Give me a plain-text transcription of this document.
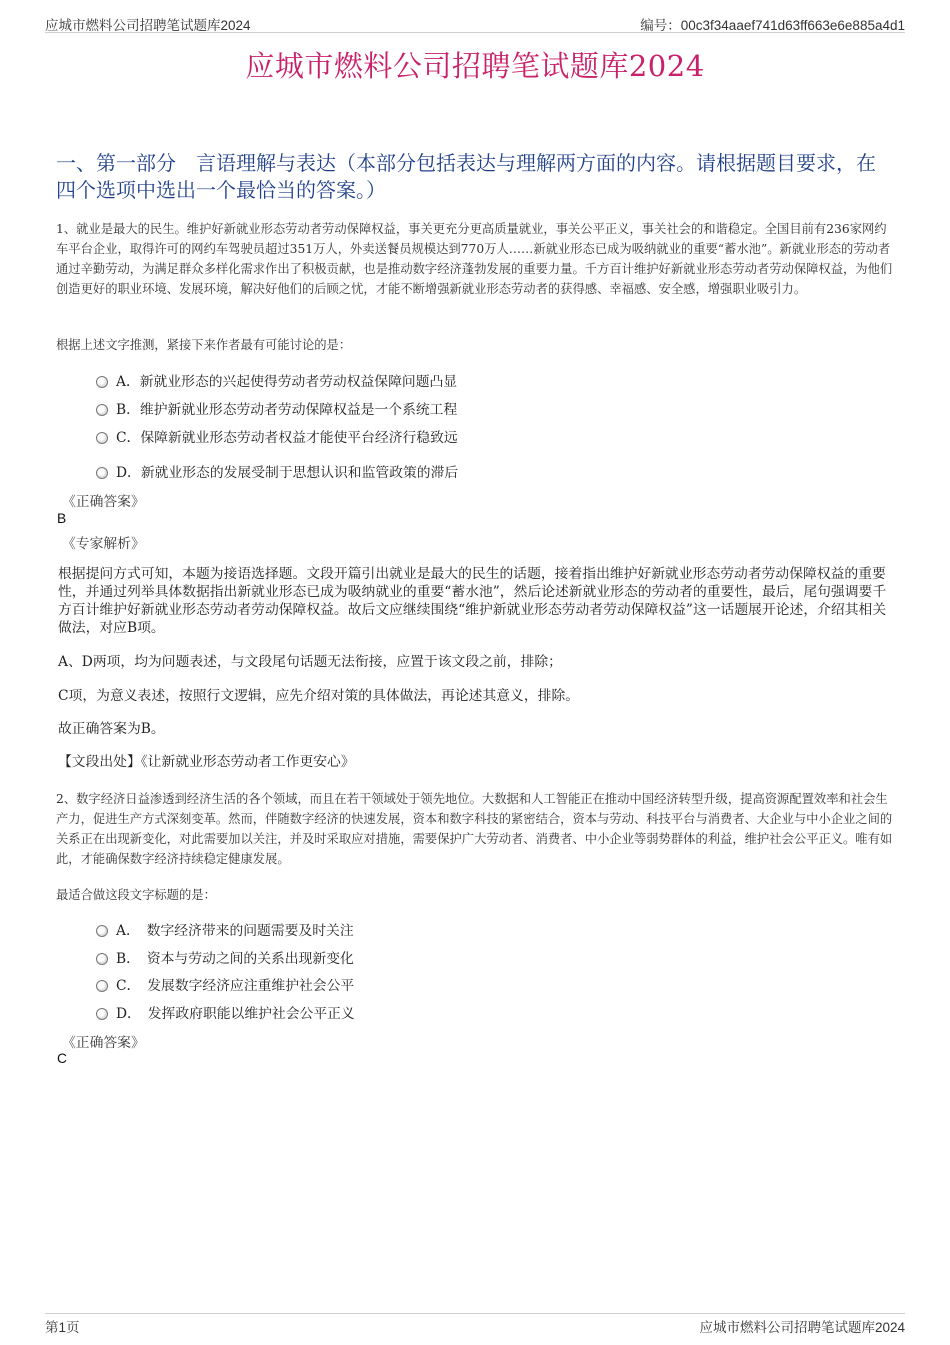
应城市燃料公司招聘笔试题库2024	编号：00c3f34aaef741d63ff663e6e885a4d1
应城市燃料公司招聘笔试题库2024
一、第一部分　言语理解与表达（本部分包括表达与理解两方面的内容。请根据题目要求，在四个选项中选出一个最恰当的答案。）
1、就业是最大的民生。维护好新就业形态劳动者劳动保障权益，事关更充分更高质量就业，事关公平正义，事关社会的和谐稳定。全国目前有236家网约车平台企业，取得许可的网约车驾驶员超过351万人，外卖送餐员规模达到770万人……新就业形态已成为吸纳就业的重要“蓄水池”。新就业形态的劳动者通过辛勤劳动，为满足群众多样化需求作出了积极贡献，也是推动数字经济蓬勃发展的重要力量。千方百计维护好新就业形态劳动者劳动保障权益，为他们创造更好的职业环境、发展环境，解决好他们的后顾之忧，才能不断增强新就业形态劳动者的获得感、幸福感、安全感，增强职业吸引力。
根据上述文字推测，紧接下来作者最有可能讨论的是：
A．新就业形态的兴起使得劳动者劳动权益保障问题凸显
B．维护新就业形态劳动者劳动保障权益是一个系统工程
C．保障新就业形态劳动者权益才能使平台经济行稳致远
D．新就业形态的发展受制于思想认识和监管政策的滞后
《正确答案》
B
《专家解析》
根据提问方式可知，本题为接语选择题。文段开篇引出就业是最大的民生的话题，接着指出维护好新就业形态劳动者劳动保障权益的重要性，并通过列举具体数据指出新就业形态已成为吸纳就业的重要“蓄水池”，然后论述新就业形态的劳动者的重要性，最后，尾句强调要千方百计维护好新就业形态劳动者劳动保障权益。故后文应继续围绕“维护新就业形态劳动者劳动保障权益”这一话题展开论述，介绍其相关做法，对应B项。
A、D两项，均为问题表述，与文段尾句话题无法衔接，应置于该文段之前，排除；
C项，为意义表述，按照行文逻辑，应先介绍对策的具体做法，再论述其意义，排除。
故正确答案为B。
【文段出处】《让新就业形态劳动者工作更安心》
2、数字经济日益渗透到经济生活的各个领域，而且在若干领域处于领先地位。大数据和人工智能正在推动中国经济转型升级，提高资源配置效率和社会生产力，促进生产方式深刻变革。然而，伴随数字经济的快速发展，资本和数字科技的紧密结合，资本与劳动、科技平台与消费者、大企业与中小企业之间的关系正在出现新变化，对此需要加以关注，并及时采取应对措施，需要保护广大劳动者、消费者、中小企业等弱势群体的利益，维护社会公平正义。唯有如此，才能确保数字经济持续稳定健康发展。
最适合做这段文字标题的是：
A．　数字经济带来的问题需要及时关注
B．　资本与劳动之间的关系出现新变化
C．　发展数字经济应注重维护社会公平
D．　发挥政府职能以维护社会公平正义
《正确答案》
C
第1页	应城市燃料公司招聘笔试题库2024
